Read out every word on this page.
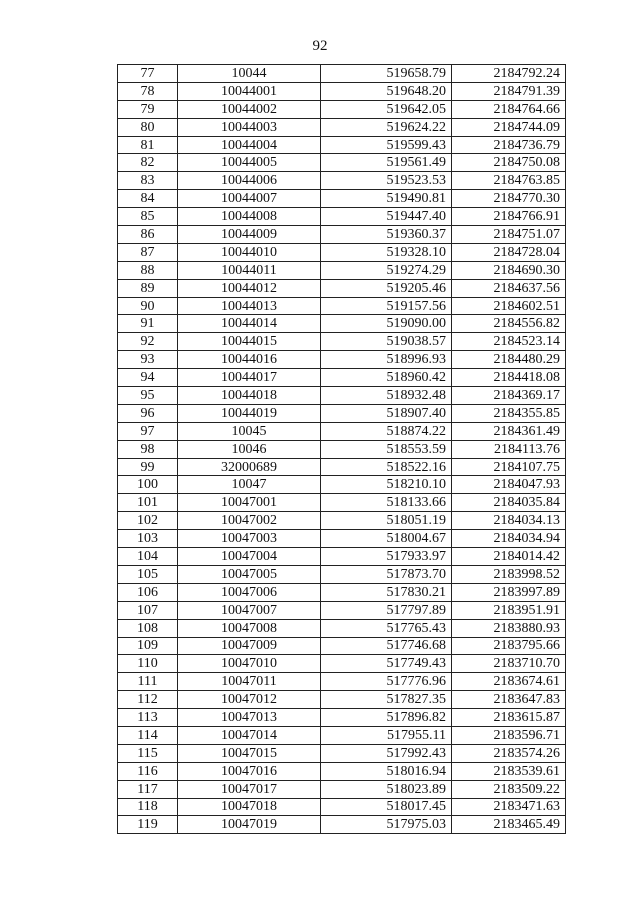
92
77	10044	519658.79	2184792.24
78	10044001	519648.20	2184791.39
79	10044002	519642.05	2184764.66
80	10044003	519624.22	2184744.09
81	10044004	519599.43	2184736.79
82	10044005	519561.49	2184750.08
83	10044006	519523.53	2184763.85
84	10044007	519490.81	2184770.30
85	10044008	519447.40	2184766.91
86	10044009	519360.37	2184751.07
87	10044010	519328.10	2184728.04
88	10044011	519274.29	2184690.30
89	10044012	519205.46	2184637.56
90	10044013	519157.56	2184602.51
91	10044014	519090.00	2184556.82
92	10044015	519038.57	2184523.14
93	10044016	518996.93	2184480.29
94	10044017	518960.42	2184418.08
95	10044018	518932.48	2184369.17
96	10044019	518907.40	2184355.85
97	10045	518874.22	2184361.49
98	10046	518553.59	2184113.76
99	32000689	518522.16	2184107.75
100	10047	518210.10	2184047.93
101	10047001	518133.66	2184035.84
102	10047002	518051.19	2184034.13
103	10047003	518004.67	2184034.94
104	10047004	517933.97	2184014.42
105	10047005	517873.70	2183998.52
106	10047006	517830.21	2183997.89
107	10047007	517797.89	2183951.91
108	10047008	517765.43	2183880.93
109	10047009	517746.68	2183795.66
110	10047010	517749.43	2183710.70
111	10047011	517776.96	2183674.61
112	10047012	517827.35	2183647.83
113	10047013	517896.82	2183615.87
114	10047014	517955.11	2183596.71
115	10047015	517992.43	2183574.26
116	10047016	518016.94	2183539.61
117	10047017	518023.89	2183509.22
118	10047018	518017.45	2183471.63
119	10047019	517975.03	2183465.49
